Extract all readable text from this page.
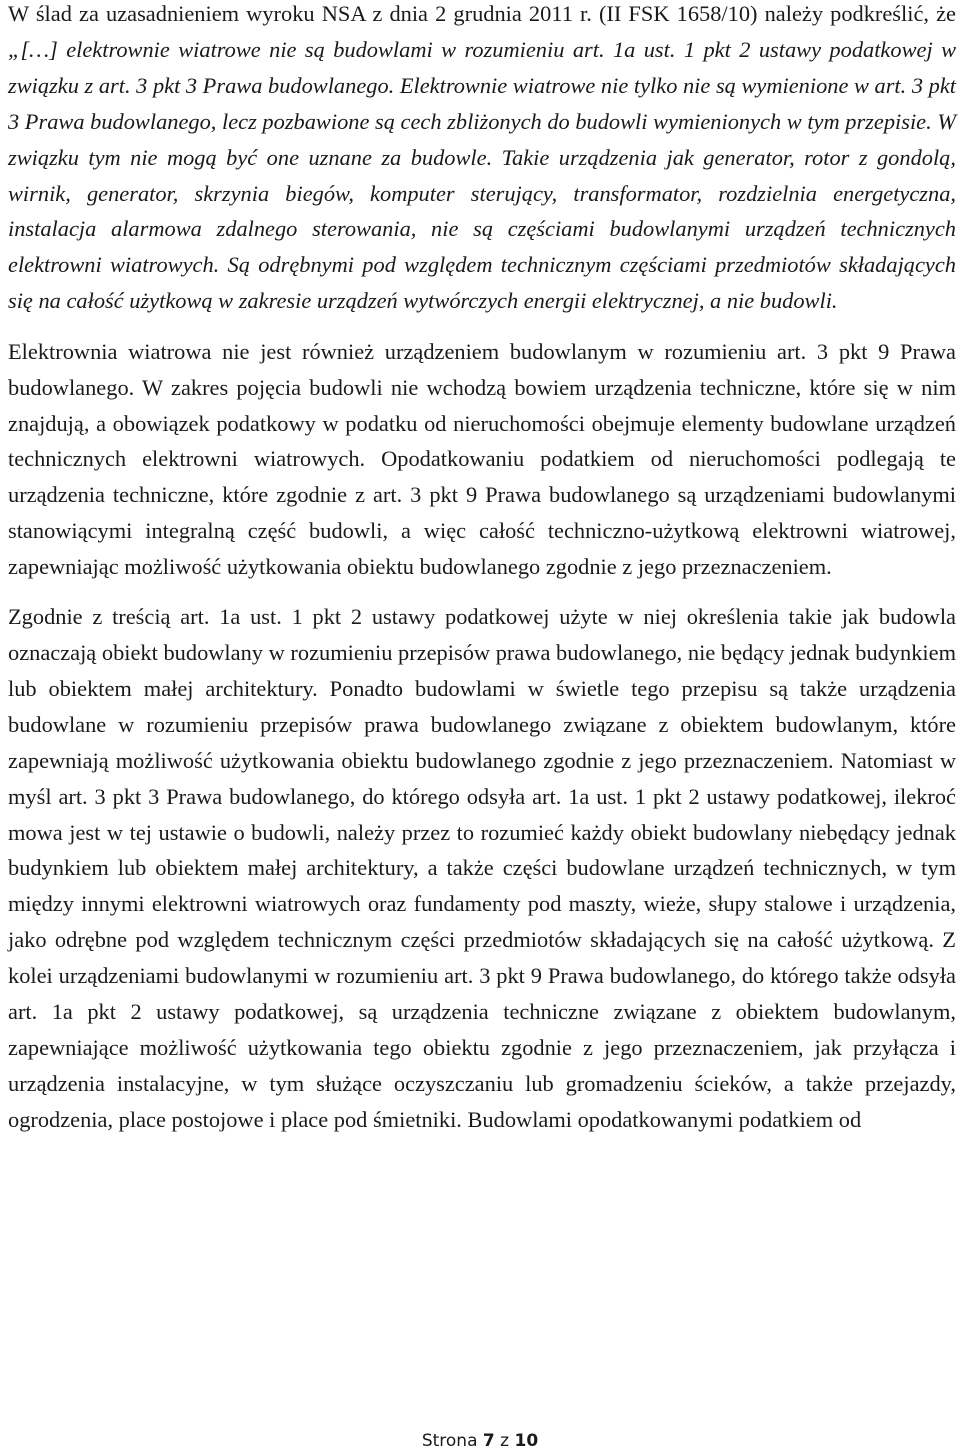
W ślad za uzasadnieniem wyroku NSA z dnia 2 grudnia 2011 r. (II FSK 1658/10) należy podkreślić, że „[…] elektrownie wiatrowe nie są budowlami w rozumieniu art. 1a ust. 1 pkt 2 ustawy podatkowej w związku z art. 3 pkt 3 Prawa budowlanego. Elektrownie wiatrowe nie tylko nie są wymienione w art. 3 pkt 3 Prawa budowlanego, lecz pozbawione są cech zbliżonych do budowli wymienionych w tym przepisie. W związku tym nie mogą być one uznane za budowle. Takie urządzenia jak generator, rotor z gondolą, wirnik, generator, skrzynia biegów, komputer sterujący, transformator, rozdzielnia energetyczna, instalacja alarmowa zdalnego sterowania, nie są częściami budowlanymi urządzeń technicznych elektrowni wiatrowych. Są odrębnymi pod względem technicznym częściami przedmiotów składających się na całość użytkową w zakresie urządzeń wytwórczych energii elektrycznej, a nie budowli.

Elektrownia wiatrowa nie jest również urządzeniem budowlanym w rozumieniu art. 3 pkt 9 Prawa budowlanego. W zakres pojęcia budowli nie wchodzą bowiem urządzenia techniczne, które się w nim znajdują, a obowiązek podatkowy w podatku od nieruchomości obejmuje elementy budowlane urządzeń technicznych elektrowni wiatrowych. Opodatkowaniu podatkiem od nieruchomości podlegają te urządzenia techniczne, które zgodnie z art. 3 pkt 9 Prawa budowlanego są urządzeniami budowlanymi stanowiącymi integralną część budowli, a więc całość techniczno-użytkową elektrowni wiatrowej, zapewniając możliwość użytkowania obiektu budowlanego zgodnie z jego przeznaczeniem.

Zgodnie z treścią art. 1a ust. 1 pkt 2 ustawy podatkowej użyte w niej określenia takie jak budowla oznaczają obiekt budowlany w rozumieniu przepisów prawa budowlanego, nie będący jednak budynkiem lub obiektem małej architektury. Ponadto budowlami w świetle tego przepisu są także urządzenia budowlane w rozumieniu przepisów prawa budowlanego związane z obiektem budowlanym, które zapewniają możliwość użytkowania obiektu budowlanego zgodnie z jego przeznaczeniem. Natomiast w myśl art. 3 pkt 3 Prawa budowlanego, do którego odsyła art. 1a ust. 1 pkt 2 ustawy podatkowej, ilekroć mowa jest w tej ustawie o budowli, należy przez to rozumieć każdy obiekt budowlany niebędący jednak budynkiem lub obiektem małej architektury, a także części budowlane urządzeń technicznych, w tym między innymi elektrowni wiatrowych oraz fundamenty pod maszty, wieże, słupy stalowe i urządzenia, jako odrębne pod względem technicznym części przedmiotów składających się na całość użytkową. Z kolei urządzeniami budowlanymi w rozumieniu art. 3 pkt 9 Prawa budowlanego, do którego także odsyła art. 1a pkt 2 ustawy podatkowej, są urządzenia techniczne związane z obiektem budowlanym, zapewniające możliwość użytkowania tego obiektu zgodnie z jego przeznaczeniem, jak przyłącza i urządzenia instalacyjne, w tym służące oczyszczaniu lub gromadzeniu ścieków, a także przejazdy, ogrodzenia, place postojowe i place pod śmietniki. Budowlami opodatkowanymi podatkiem od

Strona 7 z 10
